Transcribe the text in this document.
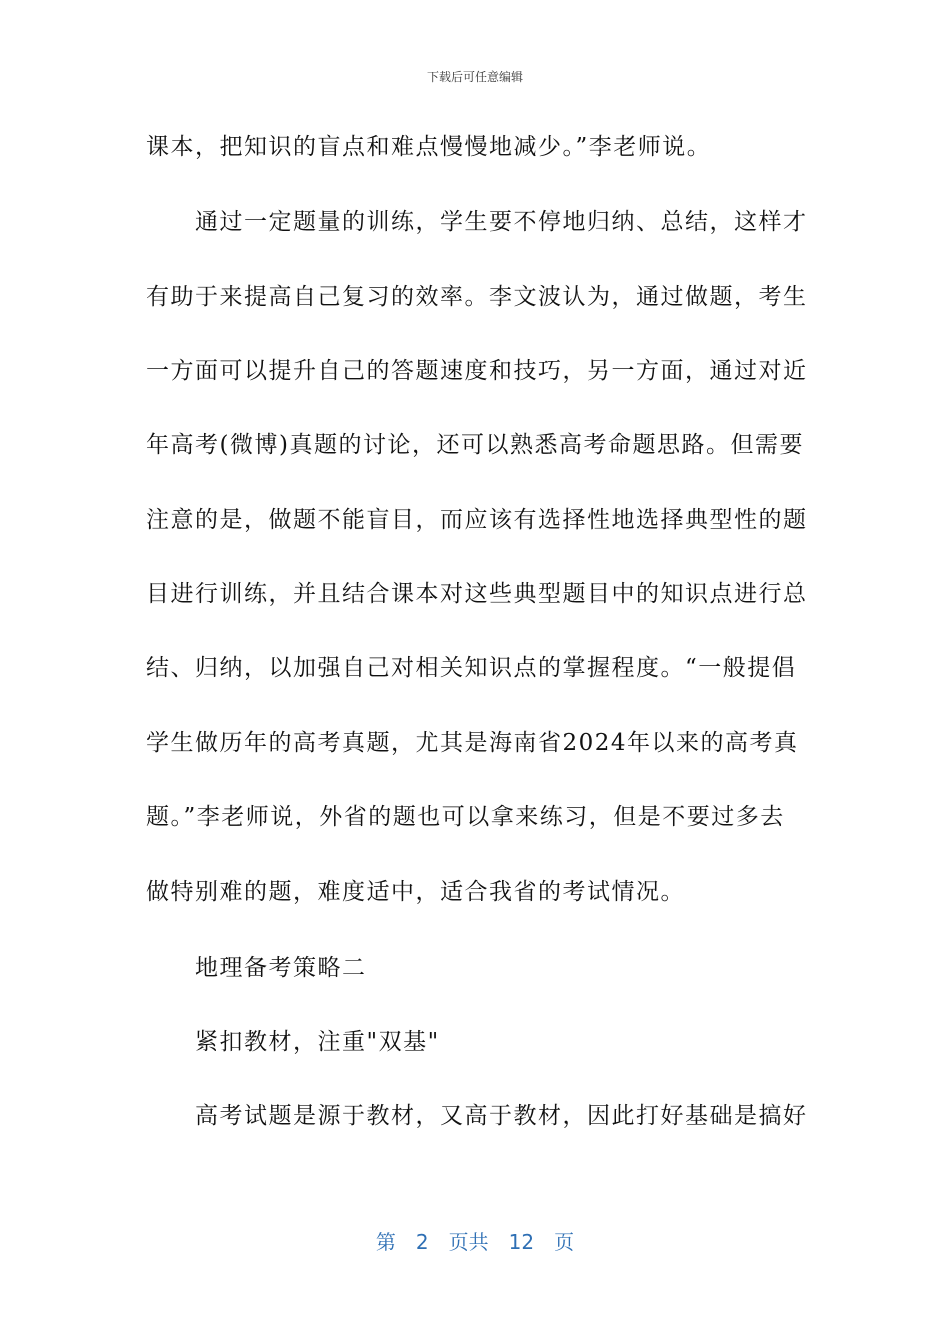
下载后可任意编辑
课本，把知识的盲点和难点慢慢地减少。”李老师说。
　　通过一定题量的训练，学生要不停地归纳、总结，这样才
有助于来提高自己复习的效率。李文波认为，通过做题，考生
一方面可以提升自己的答题速度和技巧，另一方面，通过对近
年高考(微博)真题的讨论，还可以熟悉高考命题思路。但需要
注意的是，做题不能盲目，而应该有选择性地选择典型性的题
目进行训练，并且结合课本对这些典型题目中的知识点进行总
结、归纳，以加强自己对相关知识点的掌握程度。“一般提倡
学生做历年的高考真题，尤其是海南省2024年以来的高考真
题。”李老师说，外省的题也可以拿来练习，但是不要过多去
做特别难的题，难度适中，适合我省的考试情况。
　　地理备考策略二
　　紧扣教材，注重"双基"
　　高考试题是源于教材，又高于教材，因此打好基础是搞好
第　2　页共　12　页
